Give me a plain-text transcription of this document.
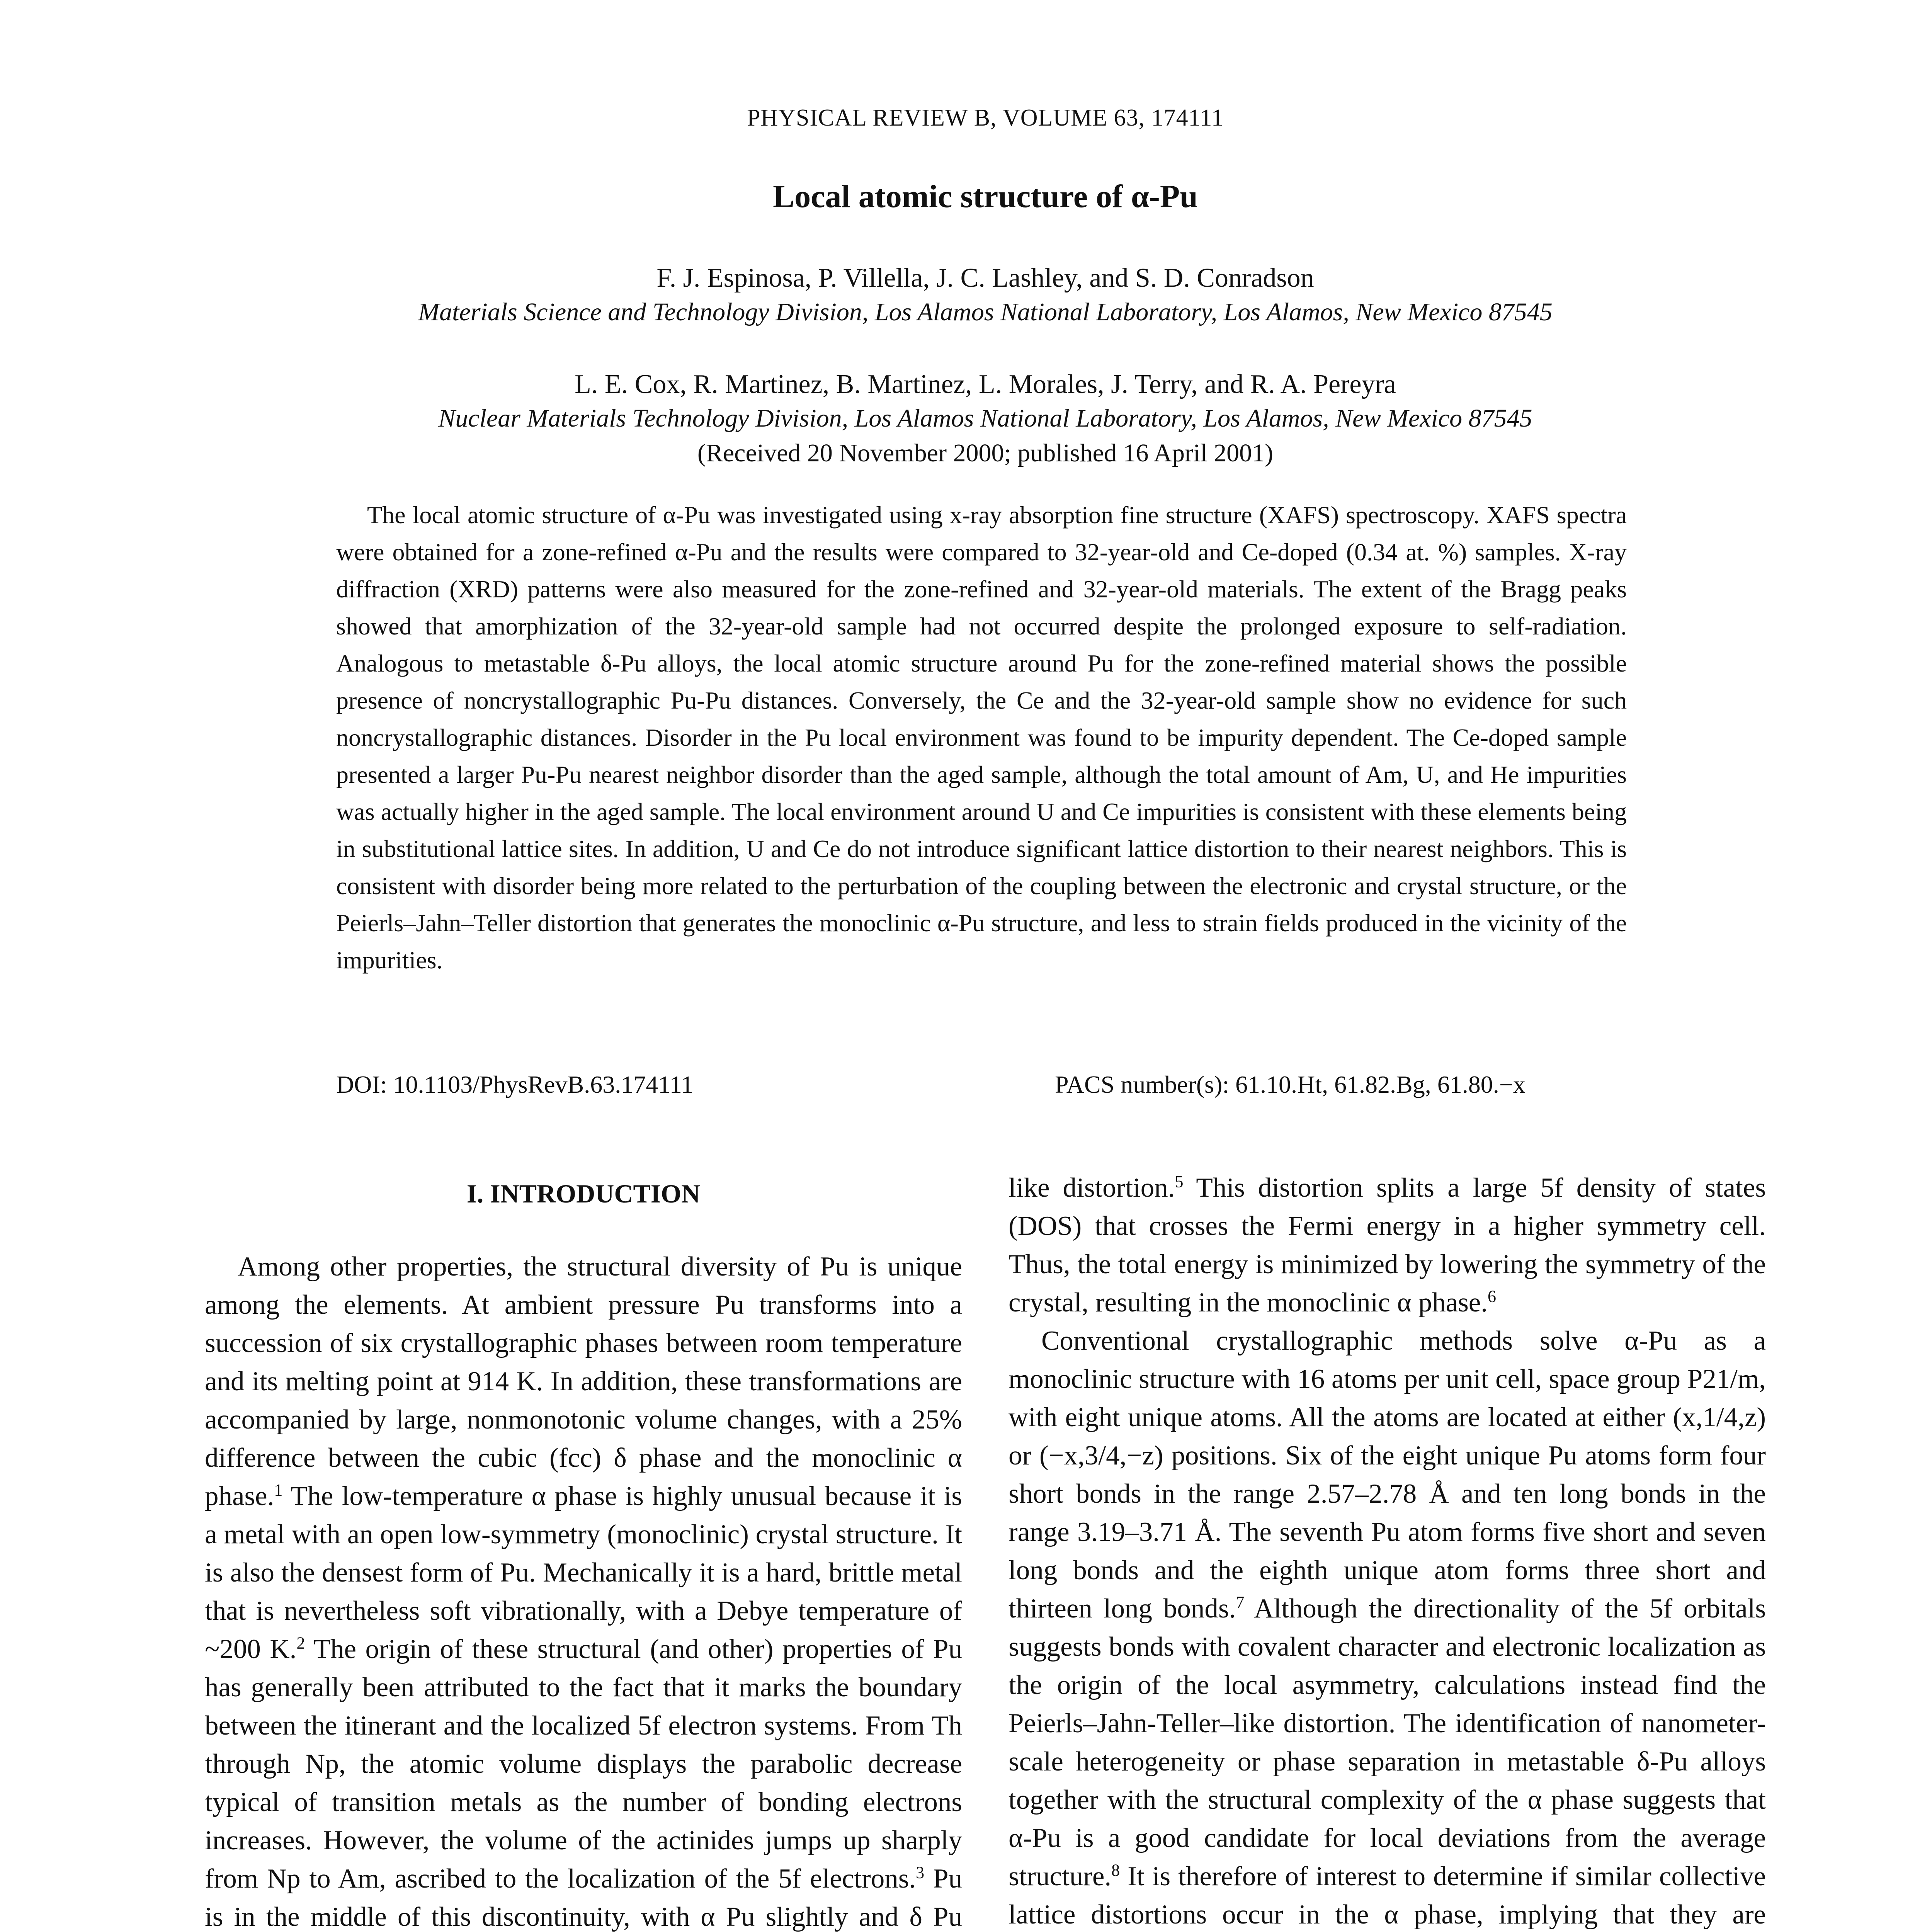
PHYSICAL REVIEW B, VOLUME 63, 174111
Local atomic structure of α-Pu
F. J. Espinosa, P. Villella, J. C. Lashley, and S. D. Conradson
Materials Science and Technology Division, Los Alamos National Laboratory, Los Alamos, New Mexico 87545
L. E. Cox, R. Martinez, B. Martinez, L. Morales, J. Terry, and R. A. Pereyra
Nuclear Materials Technology Division, Los Alamos National Laboratory, Los Alamos, New Mexico 87545
(Received 20 November 2000; published 16 April 2001)

The local atomic structure of α-Pu was investigated using x-ray absorption fine structure (XAFS) spectroscopy. XAFS spectra were obtained for a zone-refined α-Pu and the results were compared to 32-year-old and Ce-doped (0.34 at. %) samples. X-ray diffraction (XRD) patterns were also measured for the zone-refined and 32-year-old materials. The extent of the Bragg peaks showed that amorphization of the 32-year-old sample had not occurred despite the prolonged exposure to self-radiation. Analogous to metastable δ-Pu alloys, the local atomic structure around Pu for the zone-refined material shows the possible presence of noncrystallographic Pu-Pu distances. Conversely, the Ce and the 32-year-old sample show no evidence for such noncrystallographic distances. Disorder in the Pu local environment was found to be impurity dependent. The Ce-doped sample presented a larger Pu-Pu nearest neighbor disorder than the aged sample, although the total amount of Am, U, and He impurities was actually higher in the aged sample. The local environment around U and Ce impurities is consistent with these elements being in substitutional lattice sites. In addition, U and Ce do not introduce significant lattice distortion to their nearest neighbors. This is consistent with disorder being more related to the perturbation of the coupling between the electronic and crystal structure, or the Peierls–Jahn–Teller distortion that generates the monoclinic α-Pu structure, and less to strain fields produced in the vicinity of the impurities.

DOI: 10.1103/PhysRevB.63.174111	PACS number(s): 61.10.Ht, 61.82.Bg, 61.80.−x
I. INTRODUCTION

Among other properties, the structural diversity of Pu is unique among the elements. At ambient pressure Pu transforms into a succession of six crystallographic phases between room temperature and its melting point at 914 K. In addition, these transformations are accompanied by large, nonmonotonic volume changes, with a 25% difference between the cubic (fcc) δ phase and the monoclinic α phase.$^1$ The low-temperature α phase is highly unusual because it is a metal with an open low-symmetry (monoclinic) crystal structure. It is also the densest form of Pu. Mechanically it is a hard, brittle metal that is nevertheless soft vibrationally, with a Debye temperature of ~200 K.$^2$ The origin of these structural (and other) properties of Pu has generally been attributed to the fact that it marks the boundary between the itinerant and the localized 5f electron systems. From Th through Np, the atomic volume displays the parabolic decrease typical of transition metals as the number of bonding electrons increases. However, the volume of the actinides jumps up sharply from Np to Am, ascribed to the localization of the 5f electrons.$^3$ Pu is in the middle of this discontinuity, with α Pu slightly and δ Pu

like distortion.$^5$ This distortion splits a large 5f density of states (DOS) that crosses the Fermi energy in a higher symmetry cell. Thus, the total energy is minimized by lowering the symmetry of the crystal, resulting in the monoclinic α phase.$^6$

Conventional crystallographic methods solve α-Pu as a monoclinic structure with 16 atoms per unit cell, space group P21/m, with eight unique atoms. All the atoms are located at either (x,1/4,z) or (−x,3/4,−z) positions. Six of the eight unique Pu atoms form four short bonds in the range 2.57–2.78 Å and ten long bonds in the range 3.19–3.71 Å. The seventh Pu atom forms five short and seven long bonds and the eighth unique atom forms three short and thirteen long bonds.$^7$ Although the directionality of the 5f orbitals suggests bonds with covalent character and electronic localization as the origin of the local asymmetry, calculations instead find the Peierls–Jahn-Teller–like distortion. The identification of nanometer-scale heterogeneity or phase separation in metastable δ-Pu alloys together with the structural complexity of the α phase suggests that α-Pu is a good candidate for local deviations from the average structure.$^8$ It is therefore of interest to determine if similar collective lattice distortions occur in the α phase, implying that they are
